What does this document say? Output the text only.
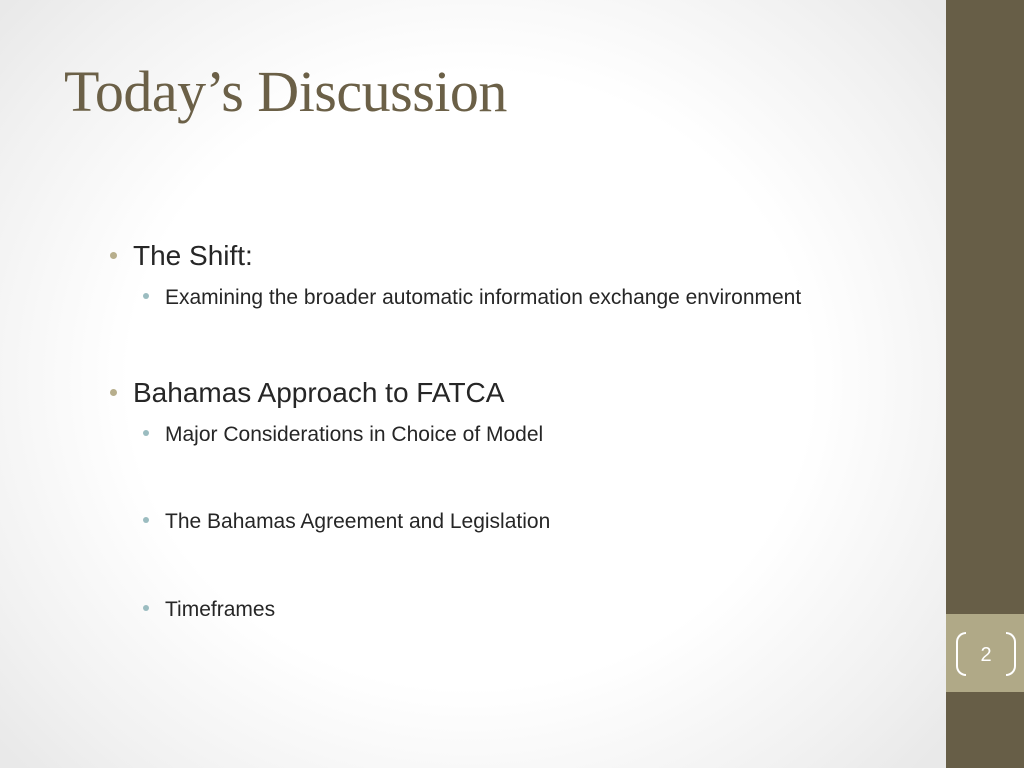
Today’s Discussion
The Shift:
Examining the broader automatic information exchange environment
Bahamas Approach to FATCA
Major Considerations in Choice of Model
The Bahamas Agreement and Legislation
Timeframes
2
